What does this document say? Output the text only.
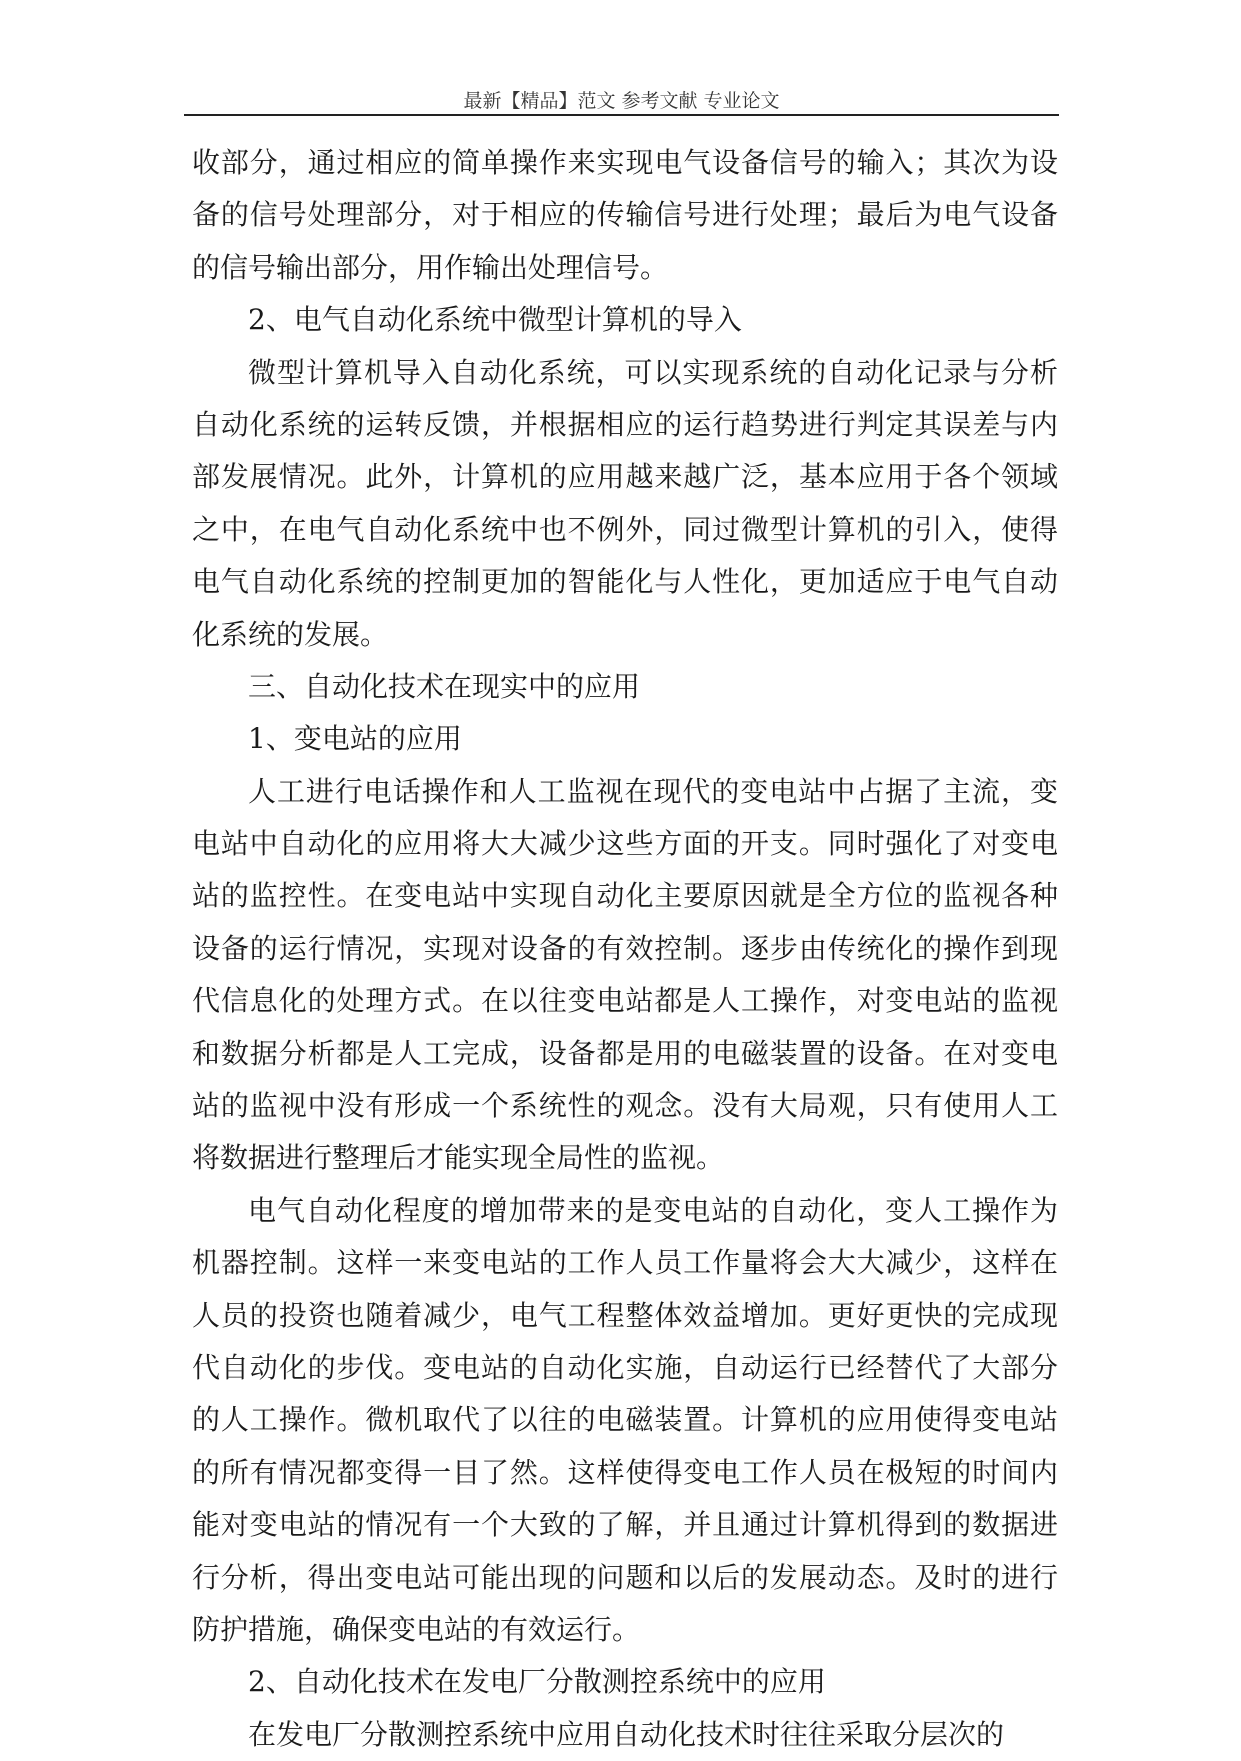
最新【精品】范文 参考文献 专业论文
收部分，通过相应的简单操作来实现电气设备信号的输入；其次为设
备的信号处理部分，对于相应的传输信号进行处理；最后为电气设备
的信号输出部分，用作输出处理信号。
2、电气自动化系统中微型计算机的导入
微型计算机导入自动化系统，可以实现系统的自动化记录与分析
自动化系统的运转反馈，并根据相应的运行趋势进行判定其误差与内
部发展情况。此外，计算机的应用越来越广泛，基本应用于各个领域
之中，在电气自动化系统中也不例外，同过微型计算机的引入，使得
电气自动化系统的控制更加的智能化与人性化，更加适应于电气自动
化系统的发展。
三、自动化技术在现实中的应用
1、变电站的应用
人工进行电话操作和人工监视在现代的变电站中占据了主流，变
电站中自动化的应用将大大减少这些方面的开支。同时强化了对变电
站的监控性。在变电站中实现自动化主要原因就是全方位的监视各种
设备的运行情况，实现对设备的有效控制。逐步由传统化的操作到现
代信息化的处理方式。在以往变电站都是人工操作，对变电站的监视
和数据分析都是人工完成，设备都是用的电磁装置的设备。在对变电
站的监视中没有形成一个系统性的观念。没有大局观，只有使用人工
将数据进行整理后才能实现全局性的监视。
电气自动化程度的增加带来的是变电站的自动化，变人工操作为
机器控制。这样一来变电站的工作人员工作量将会大大减少，这样在
人员的投资也随着减少，电气工程整体效益增加。更好更快的完成现
代自动化的步伐。变电站的自动化实施，自动运行已经替代了大部分
的人工操作。微机取代了以往的电磁装置。计算机的应用使得变电站
的所有情况都变得一目了然。这样使得变电工作人员在极短的时间内
能对变电站的情况有一个大致的了解，并且通过计算机得到的数据进
行分析，得出变电站可能出现的问题和以后的发展动态。及时的进行
防护措施，确保变电站的有效运行。
2、自动化技术在发电厂分散测控系统中的应用
在发电厂分散测控系统中应用自动化技术时往往采取分层次的
